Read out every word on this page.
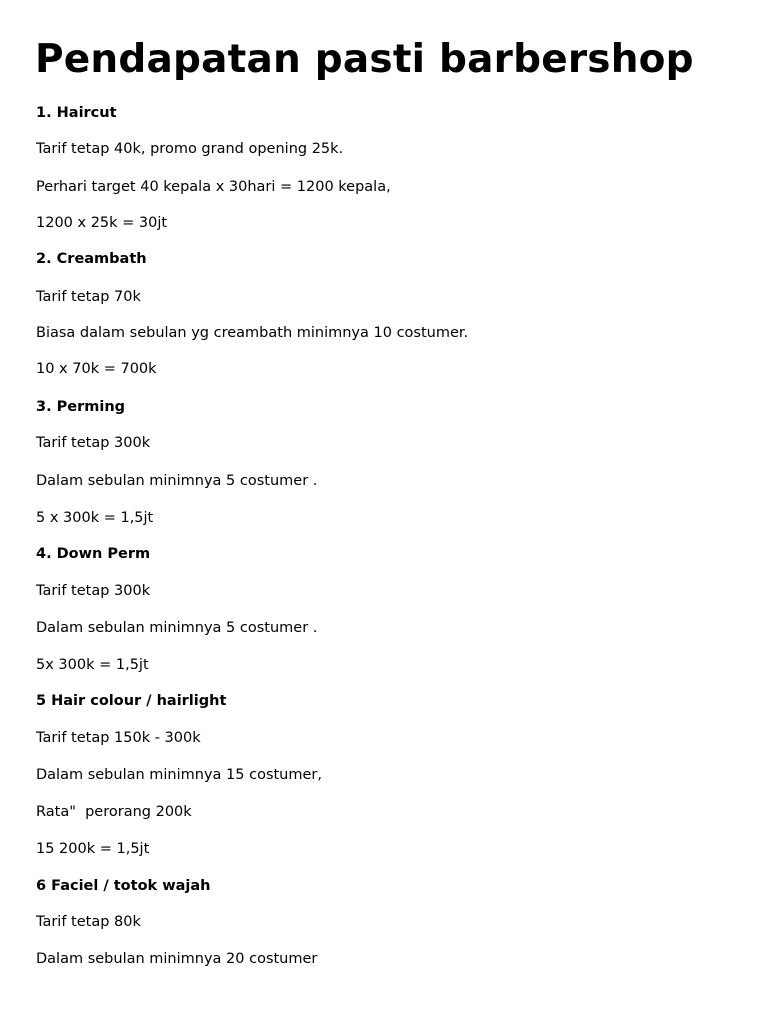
Pendapatan pasti barbershop

1. Haircut

Tarif tetap 40k, promo grand opening 25k.

Perhari target 40 kepala x 30hari = 1200 kepala,

1200 x 25k = 30jt

2. Creambath

Tarif tetap 70k

Biasa dalam sebulan yg creambath minimnya 10 costumer.

10 x 70k = 700k

3. Perming

Tarif tetap 300k

Dalam sebulan minimnya 5 costumer .

5 x 300k = 1,5jt

4. Down Perm

Tarif tetap 300k

Dalam sebulan minimnya 5 costumer .

5x 300k = 1,5jt

5 Hair colour / hairlight

Tarif tetap 150k - 300k

Dalam sebulan minimnya 15 costumer,

Rata"  perorang 200k

15 200k = 1,5jt

6 Faciel / totok wajah

Tarif tetap 80k

Dalam sebulan minimnya 20 costumer
